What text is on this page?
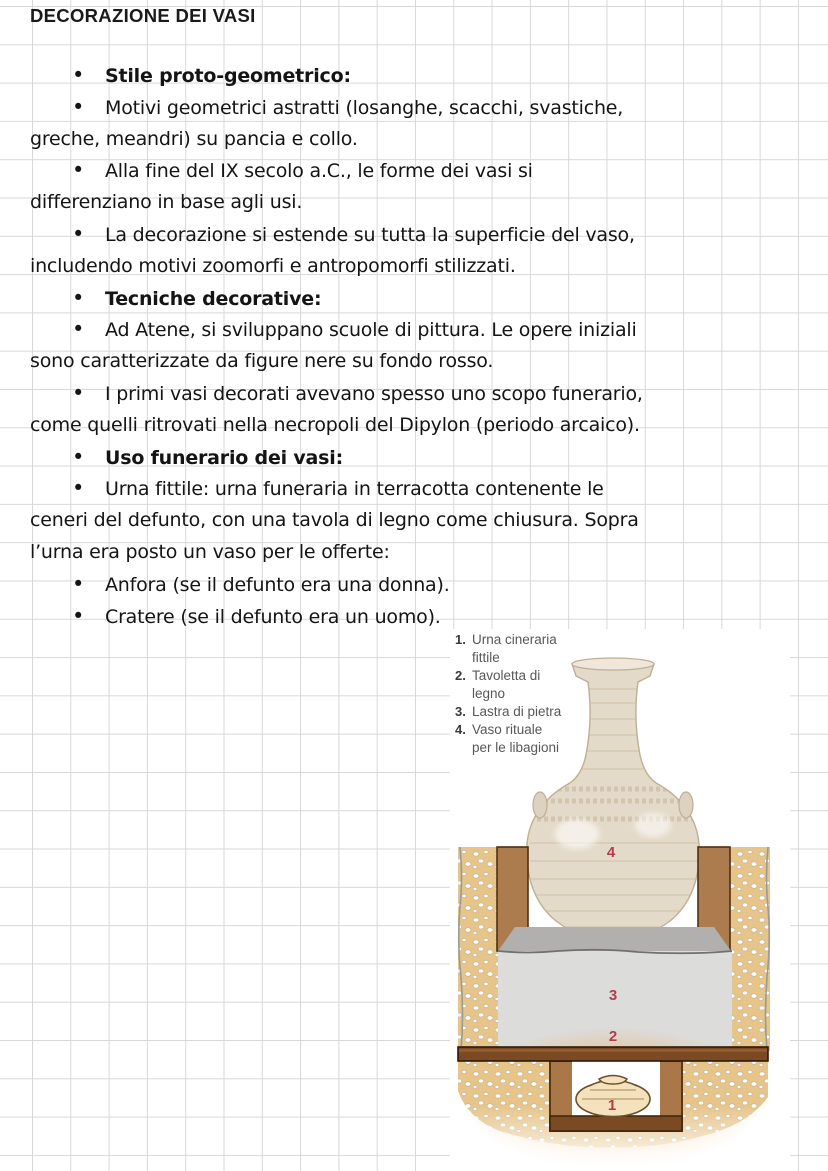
DECORAZIONE DEI VASI

• Stile proto-geometrico:

• Motivi geometrici astratti (losanghe, scacchi, svastiche,

greche, meandri) su pancia e collo.

• Alla fine del IX secolo a.C., le forme dei vasi si

differenziano in base agli usi.

• La decorazione si estende su tutta la superficie del vaso,

includendo motivi zoomorfi e antropomorfi stilizzati.

• Tecniche decorative:

• Ad Atene, si sviluppano scuole di pittura. Le opere iniziali

sono caratterizzate da figure nere su fondo rosso.

• I primi vasi decorati avevano spesso uno scopo funerario,

come quelli ritrovati nella necropoli del Dipylon (periodo arcaico).

• Uso funerario dei vasi:

• Urna fittile: urna funeraria in terracotta contenente le

ceneri del defunto, con una tavola di legno come chiusura. Sopra

l’urna era posto un vaso per le offerte:

• Anfora (se il defunto era una donna).

• Cratere (se il defunto era un uomo).

4
3
2
1
1. Urna cineraria fittile
2. Tavoletta di legno
3. Lastra di pietra
4. Vaso rituale per le libagioni
